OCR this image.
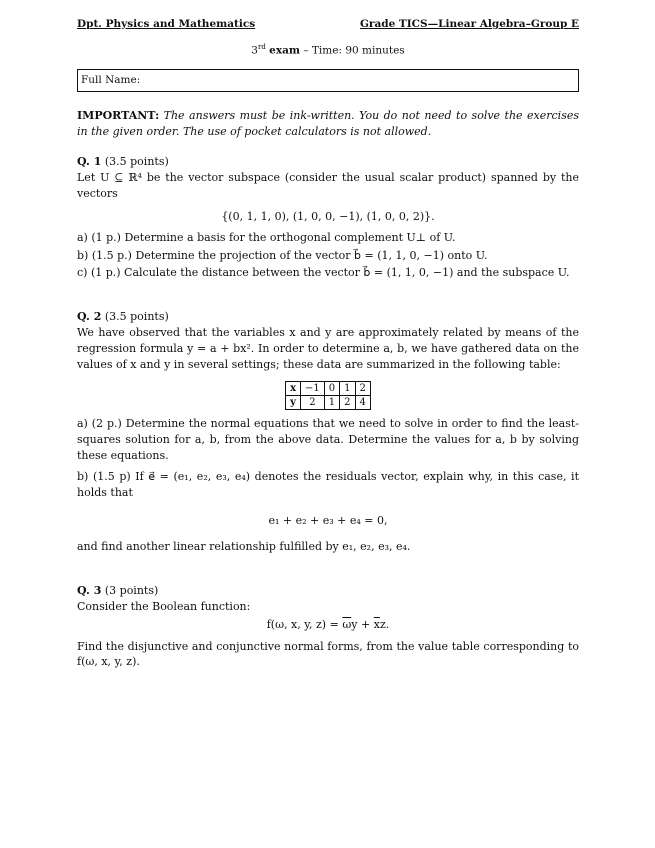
Dpt. Physics and Mathematics	Grade TICS—Linear Algebra–Group E
3rd exam – Time: 90 minutes
Full Name:
IMPORTANT: The answers must be ink-written. You do not need to solve the exercises in the given order. The use of pocket calculators is not allowed.
Q. 1 (3.5 points)

Let U ⊆ ℝ⁴ be the vector subspace (consider the usual scalar product) spanned by the vectors

{(0, 1, 1, 0), (1, 0, 0, −1), (1, 0, 0, 2)}.

a) (1 p.) Determine a basis for the orthogonal complement U⊥ of U.

b) (1.5 p.) Determine the projection of the vector b⃗ = (1, 1, 0, −1) onto U.

c) (1 p.) Calculate the distance between the vector b⃗ = (1, 1, 0, −1) and the subspace U.

Q. 2 (3.5 points)

We have observed that the variables x and y are approximately related by means of the regression formula y = a + bx². In order to determine a, b, we have gathered data on the values of x and y in several settings; these data are summarized in the following table:

x	−1	0	1	2
y	2	1	2	4

a) (2 p.) Determine the normal equations that we need to solve in order to find the least-squares solution for a, b, from the above data. Determine the values for a, b by solving these equations.

b) (1.5 p) If e⃗ = (e₁, e₂, e₃, e₄) denotes the residuals vector, explain why, in this case, it holds that

e₁ + e₂ + e₃ + e₄ = 0,

and find another linear relationship fulfilled by e₁, e₂, e₃, e₄.

Q. 3 (3 points)

Consider the Boolean function:

f(ω, x, y, $z) = \overline{\omega}y + \overline{x}z$.

Find the disjunctive and conjunctive normal forms, from the value table corresponding to f(ω, x, y, z).
